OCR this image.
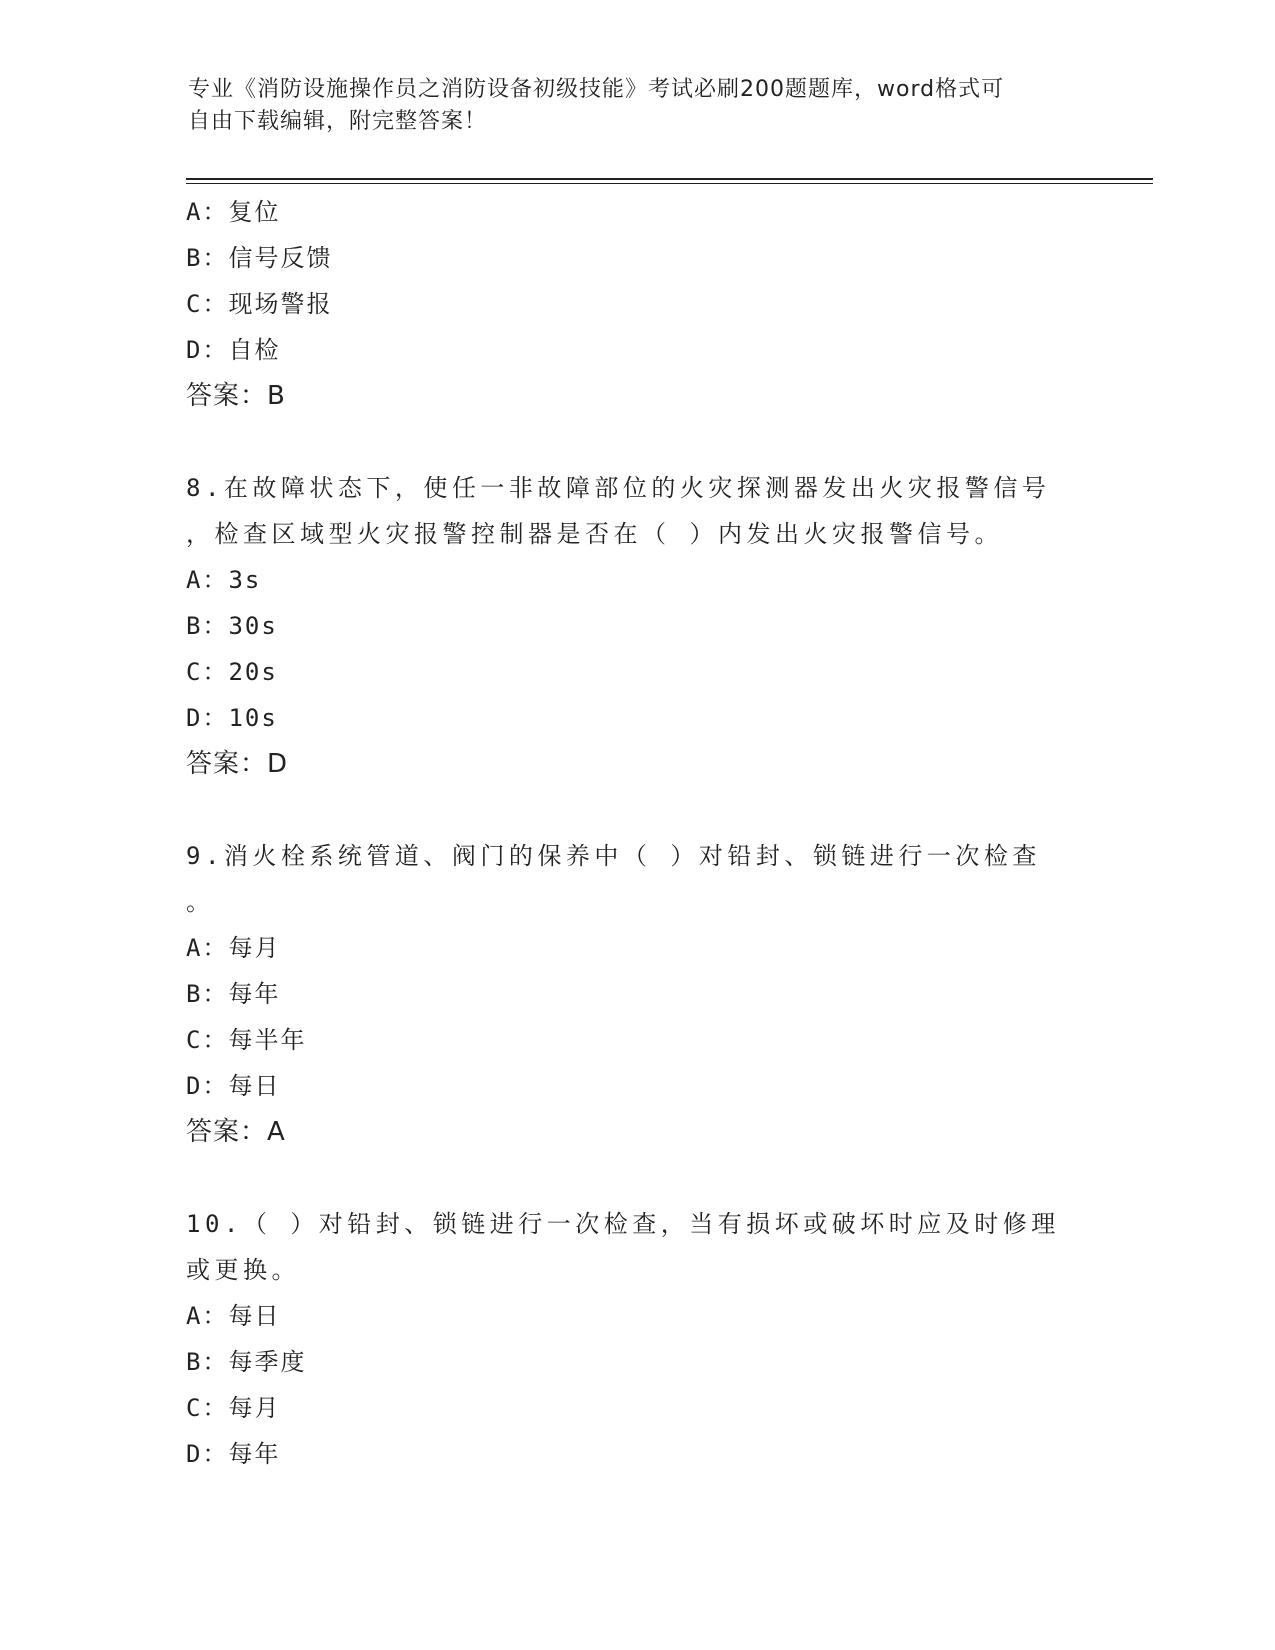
专业《消防设施操作员之消防设备初级技能》考试必刷200题题库，word格式可
自由下载编辑，附完整答案！
A：复位
B：信号反馈
C：现场警报
D：自检
答案：B
8.在故障状态下，使任一非故障部位的火灾探测器发出火灾报警信号
，检查区域型火灾报警控制器是否在（ ）内发出火灾报警信号。
A：3s
B：30s
C：20s
D：10s
答案：D
9.消火栓系统管道、阀门的保养中（ ）对铅封、锁链进行一次检查
。
A：每月
B：每年
C：每半年
D：每日
答案：A
10.（ ）对铅封、锁链进行一次检查，当有损坏或破坏时应及时修理
或更换。
A：每日
B：每季度
C：每月
D：每年
